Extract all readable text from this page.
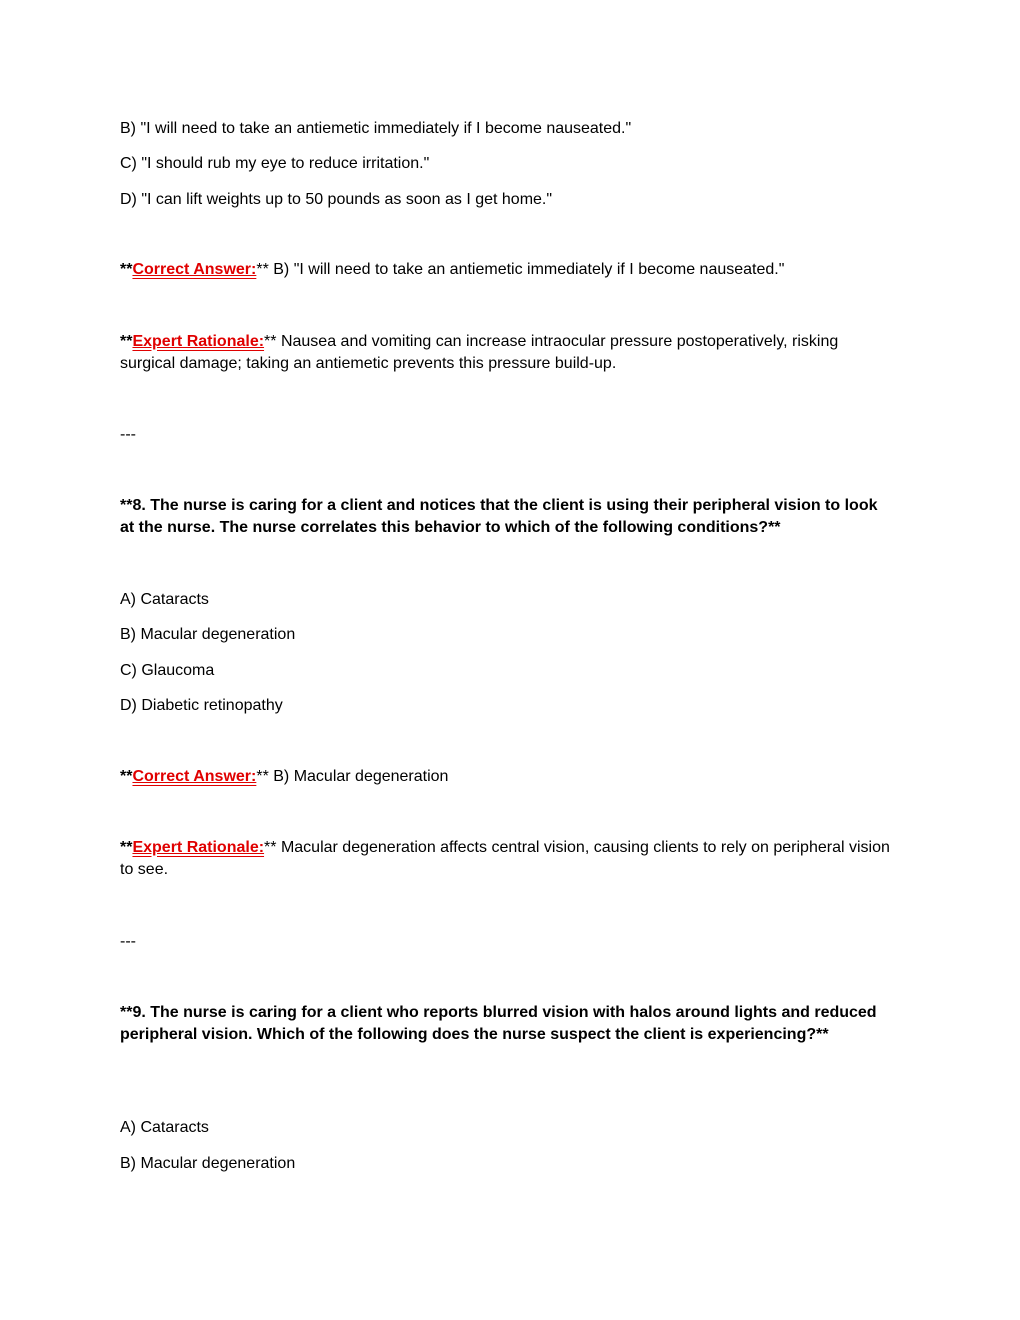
B) "I will need to take an antiemetic immediately if I become nauseated."
C) "I should rub my eye to reduce irritation."
D) "I can lift weights up to 50 pounds as soon as I get home."
**Correct Answer:** B) "I will need to take an antiemetic immediately if I become nauseated."
**Expert Rationale:** Nausea and vomiting can increase intraocular pressure postoperatively, risking surgical damage; taking an antiemetic prevents this pressure build-up.
---
**8. The nurse is caring for a client and notices that the client is using their peripheral vision to look at the nurse. The nurse correlates this behavior to which of the following conditions?**
A) Cataracts
B) Macular degeneration
C) Glaucoma
D) Diabetic retinopathy
**Correct Answer:** B) Macular degeneration
**Expert Rationale:** Macular degeneration affects central vision, causing clients to rely on peripheral vision to see.
---
**9. The nurse is caring for a client who reports blurred vision with halos around lights and reduced peripheral vision. Which of the following does the nurse suspect the client is experiencing?**
A) Cataracts
B) Macular degeneration
